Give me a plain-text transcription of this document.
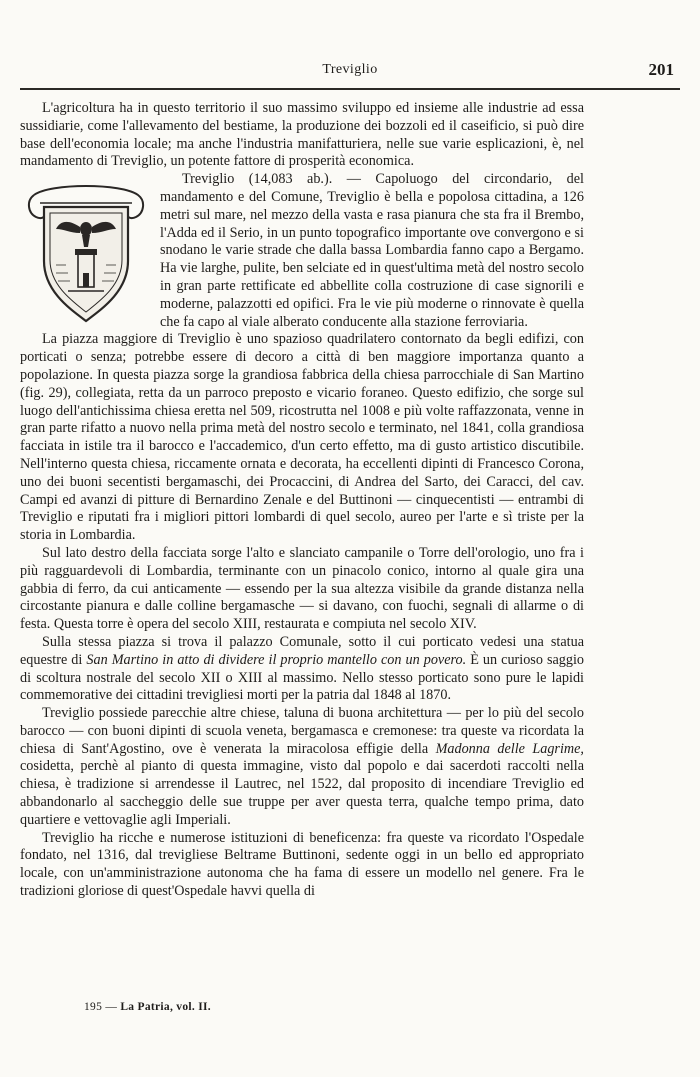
Treviglio	201

L'agricoltura ha in questo territorio il suo massimo sviluppo ed insieme alle industrie ad essa sussidiarie, come l'allevamento del bestiame, la produzione dei bozzoli ed il caseificio, si può dire base dell'economia locale; ma anche l'industria manifatturiera, nelle sue varie esplicazioni, è, nel mandamento di Treviglio, un potente fattore di prosperità economica.

Treviglio (14,083 ab.). — Capoluogo del circondario, del mandamento e del Comune, Treviglio è bella e popolosa cittadina, a 126 metri sul mare, nel mezzo della vasta e rasa pianura che sta fra il Brembo, l'Adda ed il Serio, in un punto topografico importante ove convergono e si snodano le varie strade che dalla bassa Lombardia fanno capo a Bergamo. Ha vie larghe, pulite, ben selciate ed in quest'ultima metà del nostro secolo in gran parte rettificate ed abbellite colla costruzione di case signorili e moderne, palazzotti ed opifici. Fra le vie più moderne o rinnovate è quella che fa capo al viale alberato conducente alla stazione ferroviaria.

La piazza maggiore di Treviglio è uno spazioso quadrilatero contornato da begli edifizi, con porticati o senza; potrebbe essere di decoro a città di ben maggiore importanza quanto a popolazione. In questa piazza sorge la grandiosa fabbrica della chiesa parrocchiale di San Martino (fig. 29), collegiata, retta da un parroco preposto e vicario foraneo. Questo edifizio, che sorge sul luogo dell'antichissima chiesa eretta nel 509, ricostrutta nel 1008 e più volte raffazzonata, venne in gran parte rifatto a nuovo nella prima metà del nostro secolo e terminato, nel 1841, colla grandiosa facciata in istile tra il barocco e l'accademico, d'un certo effetto, ma di gusto artistico discutibile. Nell'interno questa chiesa, riccamente ornata e decorata, ha eccellenti dipinti di Francesco Corona, uno dei buoni secentisti bergamaschi, dei Procaccini, di Andrea del Sarto, dei Caracci, del cav. Campi ed avanzi di pitture di Bernardino Zenale e del Buttinoni — cinquecentisti — entrambi di Treviglio e riputati fra i migliori pittori lombardi di quel secolo, aureo per l'arte e sì triste per la storia in Lombardia.

Sul lato destro della facciata sorge l'alto e slanciato campanile o Torre dell'orologio, uno fra i più ragguardevoli di Lombardia, terminante con un pinacolo conico, intorno al quale gira una gabbia di ferro, da cui anticamente — essendo per la sua altezza visibile da grande distanza nella circostante pianura e dalle colline bergamasche — si davano, con fuochi, segnali di allarme o di festa. Questa torre è opera del secolo XIII, restaurata e compiuta nel secolo XIV.

Sulla stessa piazza si trova il palazzo Comunale, sotto il cui porticato vedesi una statua equestre di San Martino in atto di dividere il proprio mantello con un povero. È un curioso saggio di scoltura nostrale del secolo XII o XIII al massimo. Nello stesso porticato sono pure le lapidi commemorative dei cittadini trevigliesi morti per la patria dal 1848 al 1870.

Treviglio possiede parecchie altre chiese, taluna di buona architettura — per lo più del secolo barocco — con buoni dipinti di scuola veneta, bergamasca e cremonese: tra queste va ricordata la chiesa di Sant'Agostino, ove è venerata la miracolosa effigie della Madonna delle Lagrime, cosidetta, perchè al pianto di questa immagine, visto dal popolo e dai sacerdoti raccolti nella chiesa, è tradizione si arrendesse il Lautrec, nel 1522, dal proposito di incendiare Treviglio ed abbandonarlo al saccheggio delle sue truppe per aver questa terra, qualche tempo prima, dato quartiere e vettovaglie agli Imperiali.

Treviglio ha ricche e numerose istituzioni di beneficenza: fra queste va ricordato l'Ospedale fondato, nel 1316, dal trevigliese Beltrame Buttinoni, sedente oggi in un bello ed appropriato locale, con un'amministrazione autonoma che ha fama di essere un modello nel genere. Fra le tradizioni gloriose di quest'Ospedale havvi quella di

195 — La Patria, vol. II.
